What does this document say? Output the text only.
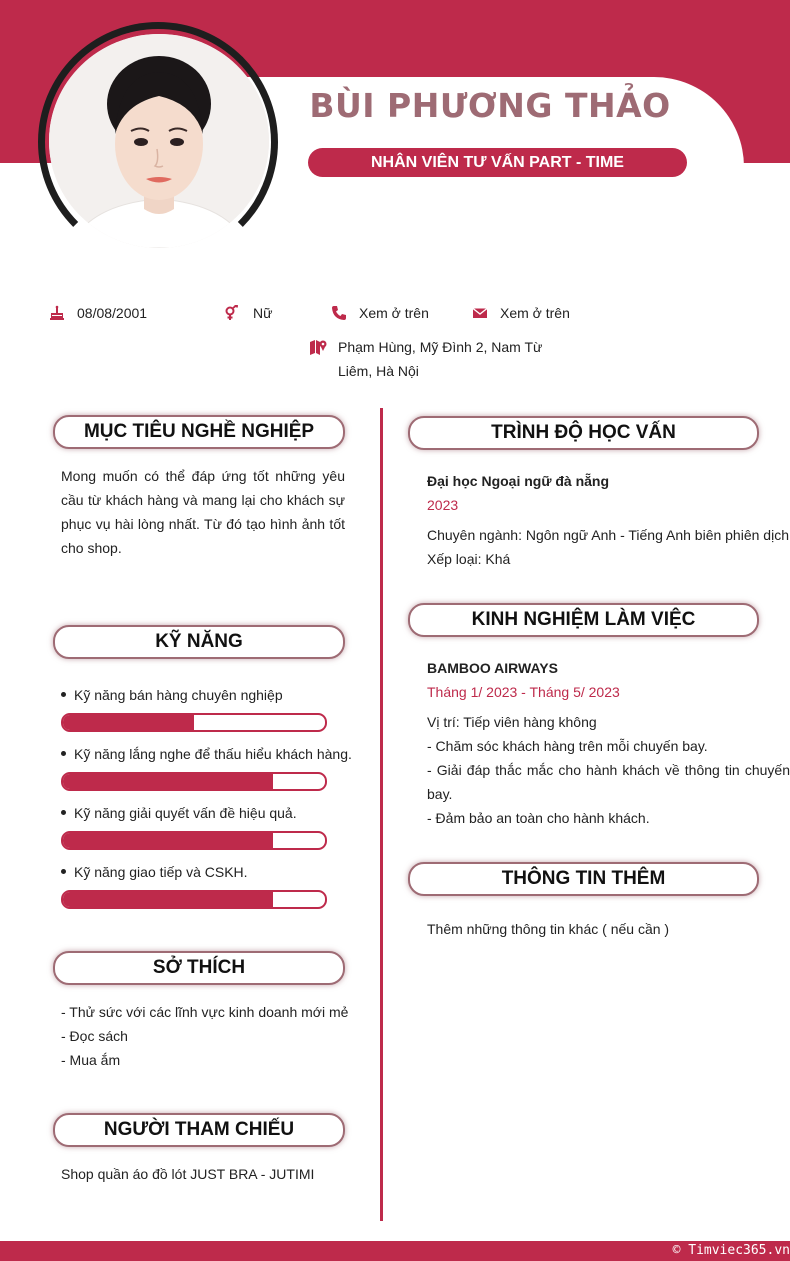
BÙI PHƯƠNG THẢO
NHÂN VIÊN TƯ VẤN PART - TIME
08/08/2001	Nữ	Xem ở trên	Xem ở trên
Phạm Hùng, Mỹ Đình 2, Nam Từ
Liêm, Hà Nội
MỤC TIÊU NGHỀ NGHIỆP
Mong muốn có thể đáp ứng tốt những yêu cầu từ khách hàng và mang lại cho khách sự phục vụ hài lòng nhất. Từ đó tạo hình ảnh tốt cho shop.
KỸ NĂNG
Kỹ năng bán hàng chuyên nghiệp
Kỹ năng lắng nghe để thấu hiểu khách hàng.
Kỹ năng giải quyết vấn đề hiệu quả.
Kỹ năng giao tiếp và CSKH.
SỞ THÍCH
- Thử sức với các lĩnh vực kinh doanh mới mẻ
- Đọc sách
- Mua ắm
NGƯỜI THAM CHIẾU
Shop quần áo đồ lót JUST BRA - JUTIMI
TRÌNH ĐỘ HỌC VẤN
Đại học Ngoại ngữ đà nẵng
2023
Chuyên ngành: Ngôn ngữ Anh - Tiếng Anh biên phiên dịch
Xếp loại: Khá
KINH NGHIỆM LÀM VIỆC
BAMBOO AIRWAYS
Tháng 1/ 2023 - Tháng 5/ 2023
Vị trí: Tiếp viên hàng không
- Chăm sóc khách hàng trên mỗi chuyến bay.
- Giải đáp thắc mắc cho hành khách về thông tin chuyến bay.
- Đảm bảo an toàn cho hành khách.
THÔNG TIN THÊM
Thêm những thông tin khác ( nếu cần )
© Timviec365.vn
